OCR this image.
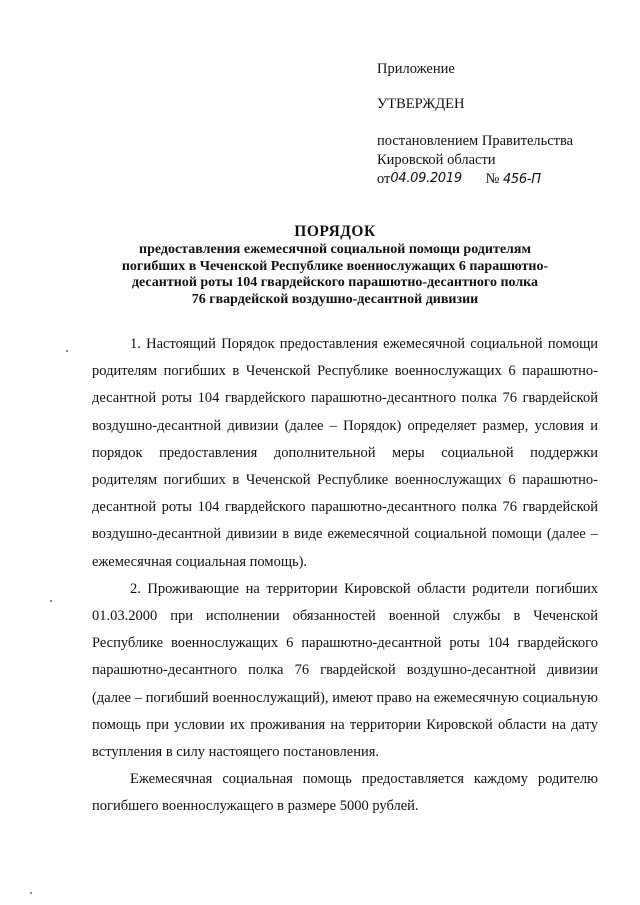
Приложение
УТВЕРЖДЕН
постановлением Правительства
Кировской области
от04.09.2019 № 456-П
ПОРЯДОК
предоставления ежемесячной социальной помощи родителям
погибших в Чеченской Республике военнослужащих 6 парашютно-
десантной роты 104 гвардейского парашютно-десантного полка
76 гвардейской воздушно-десантной дивизии

1. Настоящий Порядок предоставления ежемесячной социальной помощи родителям погибших в Чеченской Республике военнослужащих 6 парашютно-десантной роты 104 гвардейского парашютно-десантного полка 76 гвардейской воздушно-десантной дивизии (далее – Порядок) определяет размер, условия и порядок предоставления дополнительной меры социальной поддержки родителям погибших в Чеченской Республике военнослужащих 6 парашютно-десантной роты 104 гвардейского парашютно-десантного полка 76 гвардейской воздушно-десантной дивизии в виде ежемесячной социальной помощи (далее – ежемесячная социальная помощь).

2. Проживающие на территории Кировской области родители погибших 01.03.2000 при исполнении обязанностей военной службы в Чеченской Республике военнослужащих 6 парашютно-десантной роты 104 гвардейского парашютно-десантного полка 76 гвардейской воздушно-десантной дивизии (далее – погибший военнослужащий), имеют право на ежемесячную социальную помощь при условии их проживания на территории Кировской области на дату вступления в силу настоящего постановления.

Ежемесячная социальная помощь предоставляется каждому родителю погибшего военнослужащего в размере 5000 рублей.
